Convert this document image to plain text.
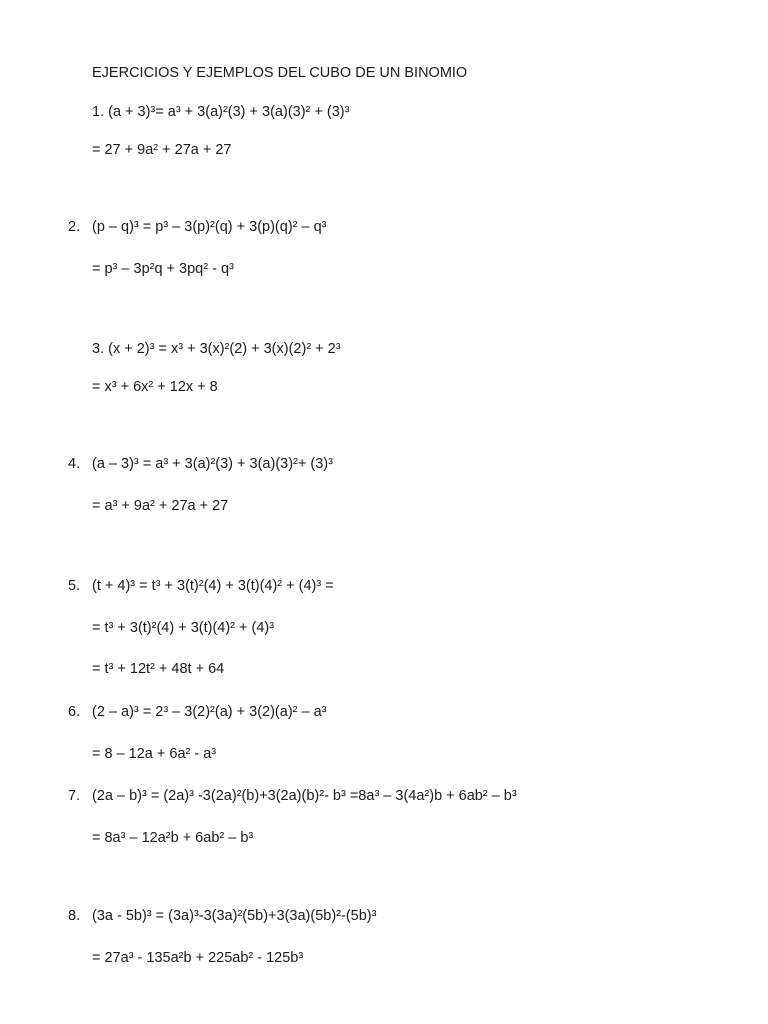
EJERCICIOS Y EJEMPLOS DEL CUBO DE UN BINOMIO
1. (a + 3)³= a³ + 3(a)²(3) + 3(a)(3)² + (3)³
= 27 + 9a² + 27a + 27
2. (p – q)³ = p³ – 3(p)²(q) + 3(p)(q)² – q³
= p³ – 3p²q + 3pq² - q³
3. (x + 2)³ = x³ + 3(x)²(2) + 3(x)(2)² + 2³
= x³ + 6x² + 12x + 8
4. (a – 3)³ = a³ + 3(a)²(3) + 3(a)(3)²+ (3)³
= a³ + 9a² + 27a + 27
5. (t + 4)³ = t³ + 3(t)²(4) + 3(t)(4)² + (4)³ =
= t³ + 3(t)²(4) + 3(t)(4)² + (4)³
= t³ + 12t² + 48t + 64
6. (2 – a)³ = 2³ – 3(2)²(a) + 3(2)(a)² – a³
= 8 – 12a + 6a² - a³
7. (2a – b)³ = (2a)³ -3(2a)²(b)+3(2a)(b)²- b³ =8a³ – 3(4a²)b + 6ab² – b³
= 8a³ – 12a²b + 6ab² – b³
8. (3a - 5b)³ = (3a)³-3(3a)²(5b)+3(3a)(5b)²-(5b)³
= 27a³ - 135a²b + 225ab² - 125b³
